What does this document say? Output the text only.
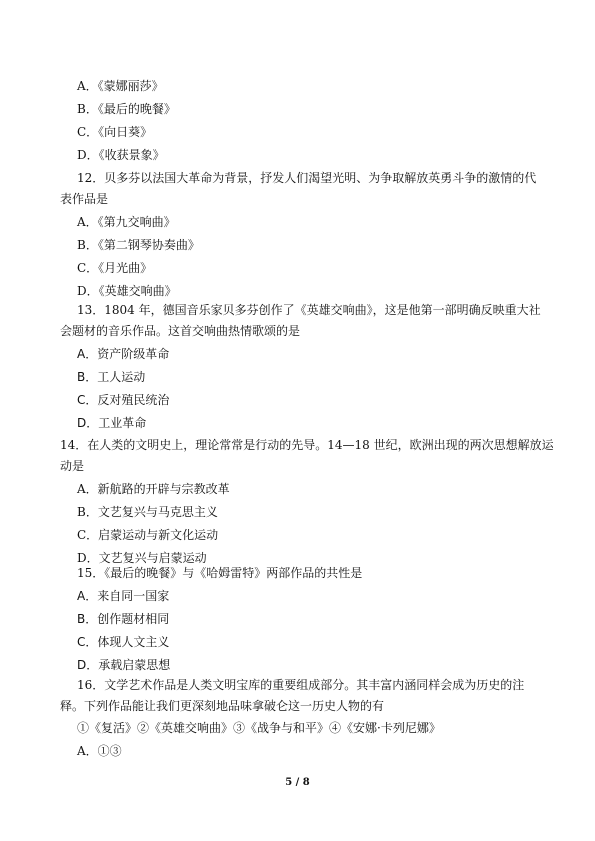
A．《蒙娜丽莎》
B．《最后的晚餐》
C．《向日葵》
D．《收获景象》
12．贝多芬以法国大革命为背景，抒发人们渴望光明、为争取解放英勇斗争的激情的代
表作品是
A．《第九交响曲》
B．《第二钢琴协奏曲》
C．《月光曲》
D．《英雄交响曲》
13．1804 年，德国音乐家贝多芬创作了《英雄交响曲》，这是他第一部明确反映重大社
会题材的音乐作品。这首交响曲热情歌颂的是
A．资产阶级革命
B．工人运动
C．反对殖民统治
D．工业革命
14．在人类的文明史上，理论常常是行动的先导。14—18 世纪，欧洲出现的两次思想解放运
动是
A．新航路的开辟与宗教改革
B．文艺复兴与马克思主义
C．启蒙运动与新文化运动
D．文艺复兴与启蒙运动
15．《最后的晚餐》与《哈姆雷特》两部作品的共性是
A．来自同一国家
B．创作题材相同
C．体现人文主义
D．承载启蒙思想
16．文学艺术作品是人类文明宝库的重要组成部分。其丰富内涵同样会成为历史的注
释。下列作品能让我们更深刻地品味拿破仑这一历史人物的有
①《复活》②《英雄交响曲》③《战争与和平》④《安娜·卡列尼娜》
A．①③
5 / 8
